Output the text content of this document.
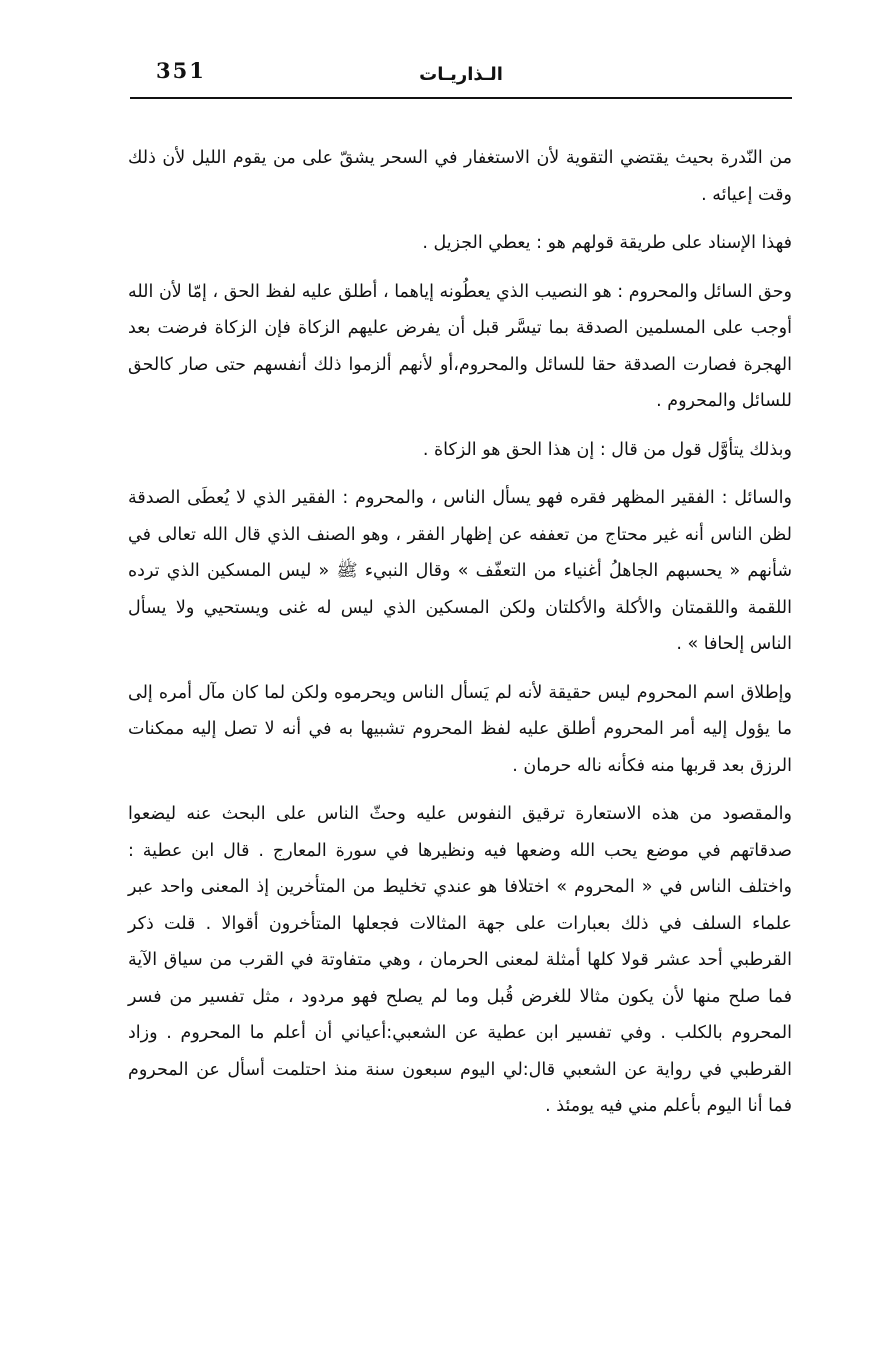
351	الـذاريـات

من النّدرة بحيث يقتضي التقوية لأن الاستغفار في السحر يشقّ على من يقوم الليل لأن ذلك وقت إعيائه .

فهذا الإسناد على طريقة قولهم هو : يعطي الجزيل .

وحق السائل والمحروم : هو النصيب الذي يعطُونه إياهما ، أطلق عليه لفظ الحق ، إمّا لأن الله أوجب على المسلمين الصدقة بما تيسَّر قبل أن يفرض عليهم الزكاة فإن الزكاة فرضت بعد الهجرة فصارت الصدقة حقا للسائل والمحروم،أو لأنهم ألزموا ذلك أنفسهم حتى صار كالحق للسائل والمحروم .

وبذلك يتأوَّل قول من قال : إن هذا الحق هو الزكاة .

والسائل : الفقير المظهر فقره فهو يسأل الناس ، والمحروم : الفقير الذي لا يُعطَى الصدقة لظن الناس أنه غير محتاج من تعففه عن إظهار الفقر ، وهو الصنف الذي قال الله تعالى في شأنهم « يحسبهم الجاهلُ أغنياء من التعفّف » وقال النبيء ﷺ « ليس المسكين الذي ترده اللقمة واللقمتان والأكلة والأكلتان ولكن المسكين الذي ليس له غنى ويستحيي ولا يسأل الناس إلحافا » .

وإطلاق اسم المحروم ليس حقيقة لأنه لم يَسأل الناس ويحرموه ولكن لما كان مآل أمره إلى ما يؤول إليه أمر المحروم أطلق عليه لفظ المحروم تشبيها به في أنه لا تصل إليه ممكنات الرزق بعد قربها منه فكأنه ناله حرمان .

والمقصود من هذه الاستعارة ترقيق النفوس عليه وحثّ الناس على البحث عنه ليضعوا صدقاتهم في موضع يحب الله وضعها فيه ونظيرها في سورة المعارج . قال ابن عطية : واختلف الناس في « المحروم » اختلافا هو عندي تخليط من المتأخرين إذ المعنى واحد عبر علماء السلف في ذلك بعبارات على جهة المثالات فجعلها المتأخرون أقوالا . قلت ذكر القرطبي أحد عشر قولا كلها أمثلة لمعنى الحرمان ، وهي متفاوتة في القرب من سياق الآية فما صلح منها لأن يكون مثالا للغرض قُبل وما لم يصلح فهو مردود ، مثل تفسير من فسر المحروم بالكلب . وفي تفسير ابن عطية عن الشعبي:أعياني أن أعلم ما المحروم . وزاد القرطبي في رواية عن الشعبي قال:لي اليوم سبعون سنة منذ احتلمت أسأل عن المحروم فما أنا اليوم بأعلم مني فيه يومئذ .
